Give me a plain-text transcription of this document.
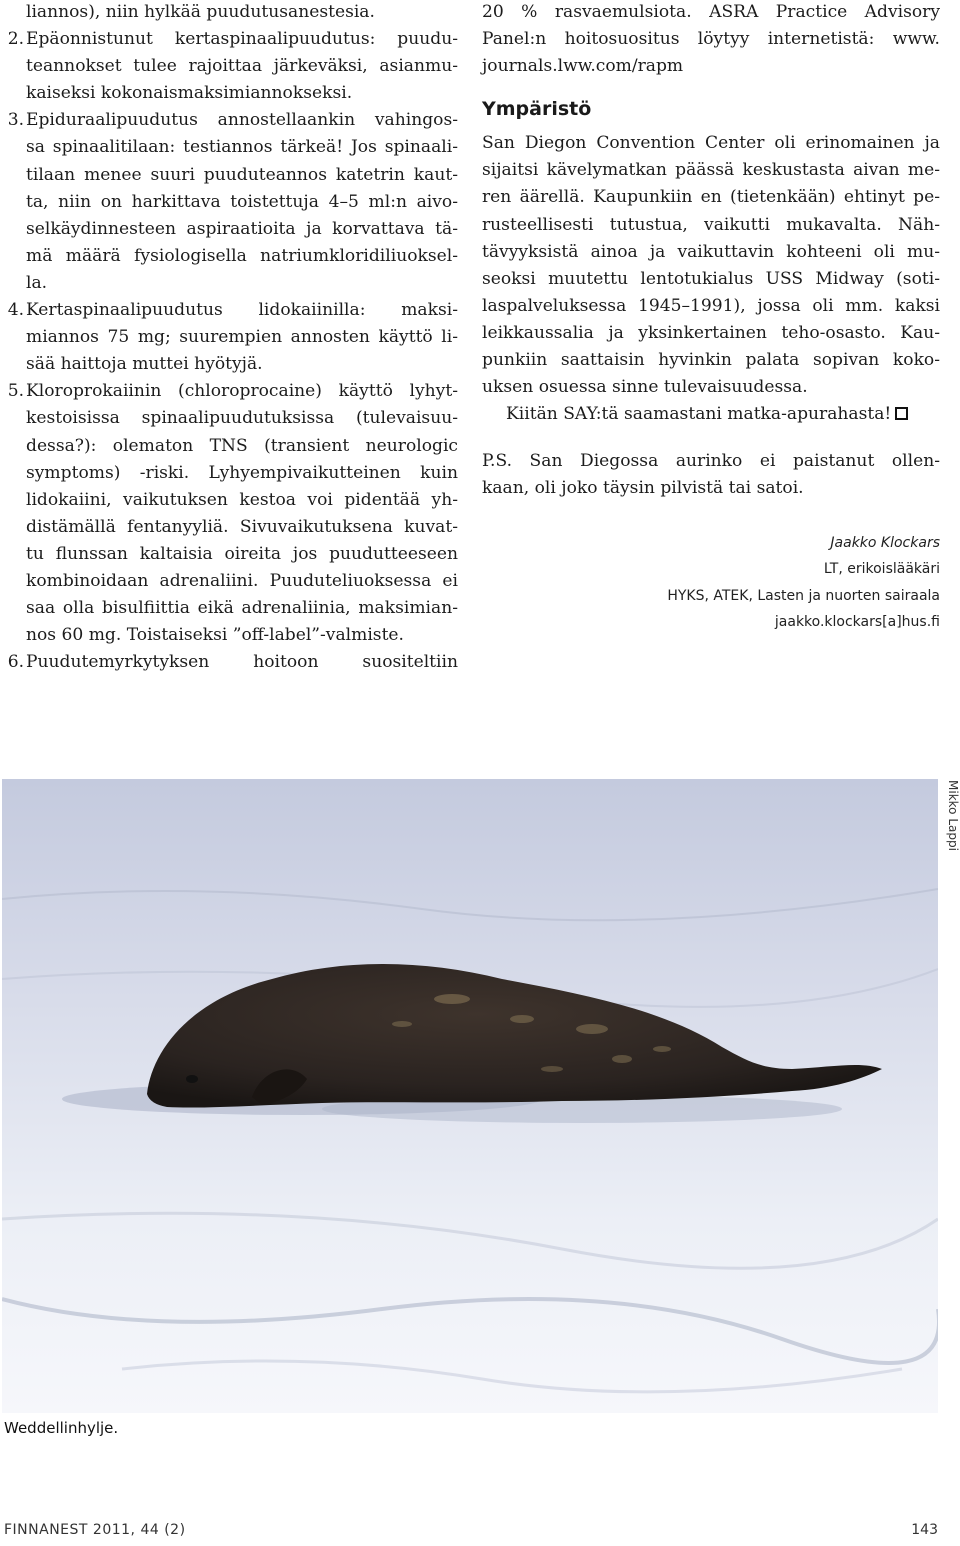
liannos), niin hylkää puudutusanestesia.
2. Epäonnistunut kertaspinaalipuudutus: puudu-
teannokset tulee rajoittaa järkeväksi, asianmu-
kaiseksi kokonaismaksimiannokseksi.
3. Epiduraalipuudutus annostellaankin vahingos-
sa spinaalitilaan: testiannos tärkeä! Jos spinaali-
tilaan menee suuri puuduteannos katetrin kaut-
ta, niin on harkittava toistettuja 4–5 ml:n aivo-
selkäydinnesteen aspiraatioita ja korvattava tä-
mä määrä fysiologisella natriumkloridiliuoksel-
la.
4. Kertaspinaalipuudutus lidokaiinilla: maksi-
miannos 75 mg; suurempien annosten käyttö li-
sää haittoja muttei hyötyjä.
5. Kloroprokaiinin (chloroprocaine) käyttö lyhyt-
kestoisissa spinaalipuudutuksissa (tulevaisuu-
dessa?): olematon TNS (transient neurologic
symptoms) -riski. Lyhyempivaikutteinen kuin
lidokaiini, vaikutuksen kestoa voi pidentää yh-
distämällä fentanyyliä. Sivuvaikutuksena kuvat-
tu flunssan kaltaisia oireita jos puudutteeseen
kombinoidaan adrenaliini. Puuduteliuoksessa ei
saa olla bisulfiittia eikä adrenaliinia, maksimian-
nos 60 mg. Toistaiseksi ”off-label”-valmiste.
6. Puudutemyrkytyksen hoitoon suositeltiin
20 % rasvaemulsiota. ASRA Practice Advisory
Panel:n hoitosuositus löytyy internetistä: www.
journals.lww.com/rapm
Ympäristö
San Diegon Convention Center oli erinomainen ja
sijaitsi kävelymatkan päässä keskustasta aivan me-
ren äärellä. Kaupunkiin en (tietenkään) ehtinyt pe-
rusteellisesti tutustua, vaikutti mukavalta. Näh-
tävyyksistä ainoa ja vaikuttavin kohteeni oli mu-
seoksi muutettu lentotukialus USS Midway (soti-
laspalveluksessa 1945–1991), jossa oli mm. kaksi
leikkaussalia ja yksinkertainen teho-osasto. Kau-
punkiin saattaisin hyvinkin palata sopivan koko-
uksen osuessa sinne tulevaisuudessa.
Kiitän SAY:tä saamastani matka-apurahasta!
P.S. San Diegossa aurinko ei paistanut ollen-
kaan, oli joko täysin pilvistä tai satoi.
Jaakko Klockars
LT, erikoislääkäri
HYKS, ATEK, Lasten ja nuorten sairaala
jaakko.klockars[a]hus.fi
Mikko Lappi
Weddellinhylje.
FINNANEST 2011, 44 (2)	143
